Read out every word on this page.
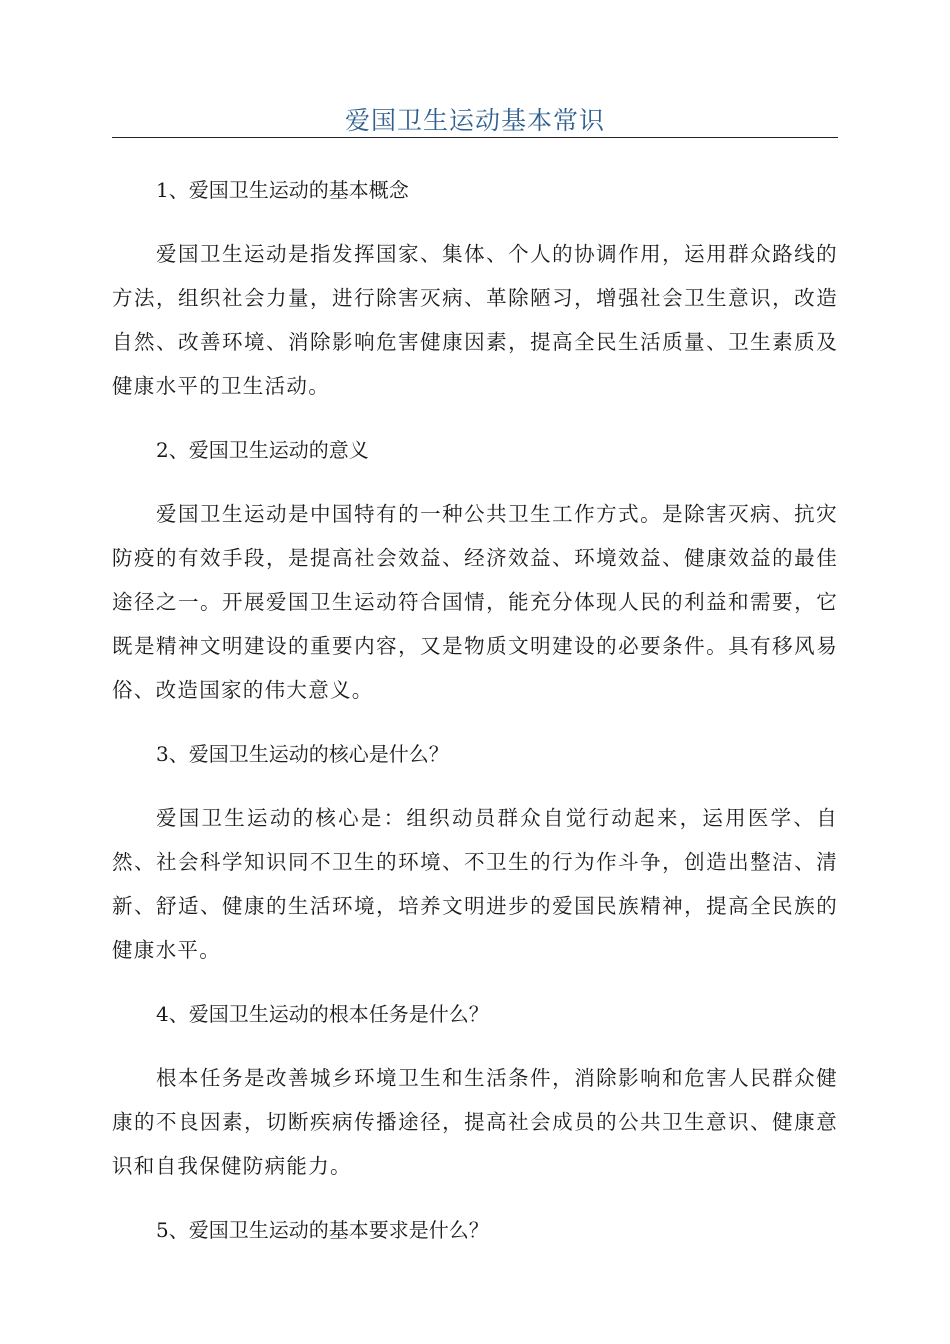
爱国卫生运动基本常识

1、爱国卫生运动的基本概念

爱国卫生运动是指发挥国家、集体、个人的协调作用，运用群众路线的方法，组织社会力量，进行除害灭病、革除陋习，增强社会卫生意识，改造自然、改善环境、消除影响危害健康因素，提高全民生活质量、卫生素质及健康水平的卫生活动。

2、爱国卫生运动的意义

爱国卫生运动是中国特有的一种公共卫生工作方式。是除害灭病、抗灾防疫的有效手段，是提高社会效益、经济效益、环境效益、健康效益的最佳途径之一。开展爱国卫生运动符合国情，能充分体现人民的利益和需要，它既是精神文明建设的重要内容，又是物质文明建设的必要条件。具有移风易俗、改造国家的伟大意义。

3、爱国卫生运动的核心是什么？

爱国卫生运动的核心是：组织动员群众自觉行动起来，运用医学、自然、社会科学知识同不卫生的环境、不卫生的行为作斗争，创造出整洁、清新、舒适、健康的生活环境，培养文明进步的爱国民族精神，提高全民族的健康水平。

4、爱国卫生运动的根本任务是什么？

根本任务是改善城乡环境卫生和生活条件，消除影响和危害人民群众健康的不良因素，切断疾病传播途径，提高社会成员的公共卫生意识、健康意识和自我保健防病能力。

5、爱国卫生运动的基本要求是什么？
